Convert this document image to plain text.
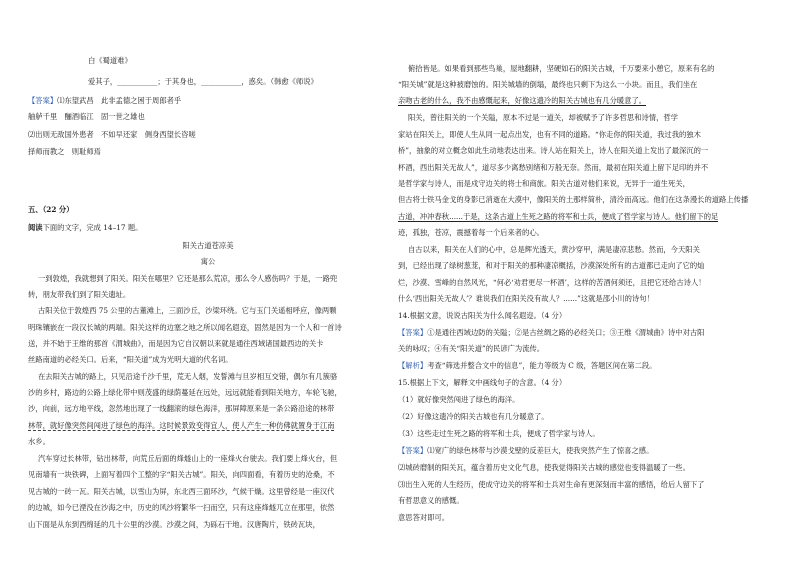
白《蜀道难》
爱其子，___________；于其身也，___________，惑矣。（韩愈《师说》
【答案】⑴东望武昌　此非孟德之困于周郎者乎
舳舻千里　酾酒临江　固一世之雄也
⑵出则无敌国外患者　不如早还家　侧身西望长咨嗟
择师而教之　则耻师焉
五、（22 分）
阅读下面的文字，完成 14–17 题。
阳关古道苍凉美
寓公
一到敦煌，我就想到了阳关。阳关在哪里？它还是那么荒凉，那么令人感伤吗？于是，一路兜
转，朋友带我们到了阳关遗址。
古阳关位于敦煌西 75 公里的古董滩上，三面沙丘，沙梁环绕。它与玉门关遥相呼应，像两颗
明珠镶嵌在一段汉长城的两端。阳关这样的边塞之地之所以闻名遐迩，固然是因为一个人和一首诗
送，并不始于王维的那首《渭城曲》，而是因为它自汉朝以来就是通往西域诸国最西边的关卡
丝路南道的必经关口。后来，“阳关道”成为光明大道的代名词。
在去阳关古城的路上，只见沿途千沙千里，荒无人烟，发誓滩与旦岁相互交错，偶尔有几簇骆
沙的乡村，路边的公路上绿化带中则茂盛的绿荫蔓延在远处，远远就能看到阳关地方，车轮飞驰，
沙，向前，远方地平线，忽然地出现了一线翻滚的绿色海洋，那屏障原来是一条公路沿途的林带
林带，就好像突然间闯进了绿色的海洋。这时候景致变得宜人，使人产生一种仿佛就置身于江南
水乡。
汽车穿过长林带，钻出林带，向荒丘后面的烽燧山上的一座烽火台驶去。我们要上烽火台，但
见南墙有一块铁碑，上面写着四个工整的字“阳关古城”。阳关，向四面看，有着历史的沧桑，不
见古城的一砖一瓦。阳关古城，以雪山为屏，东北西三面环沙，气候干燥。这里曾经是一座汉代
的边城，如今已湮没在沙海之中，历史的风沙将繁华一扫而空，只有这座烽燧兀立在那里，依然
山下面是从东到西绵延的几十公里的沙漠。沙漠之间，为砾石干地。汉唐陶片，铁砖瓦块，
俯拾皆是。如果看到那些鸟巢，屋地翻耕，坚硬如石的阳关古城，千万要来小憩它，原来有名的
“阳关城”就是这种被磨蚀的。阳关城墙的倒塌，最终也只剩下为这么一小块。而且，我们坐在
亲吻古老的什么，我不由感慨起来，好像这遗冷的阳关古城也有几分暖意了。
阳关，曾往阳关的一个关隘，原本不过是一道关，却被赋予了许多哲思和诗情，哲学
家站在阳关上，即使人生从同一起点出发，也有不同的道路。“你走你的阳关道，我过我的独木
桥”，抽象的对立概念如此生动地表达出来。诗人站在阳关上，诗人在阳关道上发出了最深沉的一
杯酒，西出阳关无故人”，道尽多少离愁别绪和万般无奈。然而，最初在阳关道上留下足印的并不
是哲学家与诗人，而是戍守边关的将士和商旅。阳关古道对他们来说，无异于一道生死关，
但古将士铁马金戈的身影已消逝在大漠中，像阳关的土那样简朴，清泠而高远。他们在这条漫长的道路上传播
古道，冲冲春秋......于是，这条古道上生死之路的将军和士兵，便成了哲学家与诗人。他们留下的足
迹，孤独，苍凉，震撼着每一个后来者的心。
自古以来，阳关在人们的心中，总是辉光透天，黄沙穿甲，满是凄凉悲愁。然而，今天阳关
到，已经出现了绿树葱茏，和对于阳关的那种凄凉概括，沙漠深处所有的古道都已走向了它的灿
烂，沙漠、雪峰的自然风光，“何必‘劝君更尽一杯酒’，这样的苦酒何须还，且把它还给古诗人！
什么‘西出阳关无故人’？谁说我们在阳关没有故人？......”这就是邵小川的诗句！
14.根据文意，说说古阳关为什么闻名遐迩。（4 分）
【答案】①是通往西域边防的关隘；②是古丝绸之路的必经关口；③王维《渭城曲》诗中对古阳
关的咏叹；④有关“阳关道”的民谚广为流传。
【解析】考查“筛选并整合文中的信息”，能力等级为 C 级，答题区间在第二段。
15.根据上下文，解释文中画线句子的含意。（4 分）
（1）就好像突然闯进了绿色的海洋。
（2）好像这遗冷的阳关古城也有几分暖意了。
（3）这些走过生死之路的将军和士兵，便成了哲学家与诗人。
【答案】⑴宽广的绿色林带与沙漠戈壁的反差巨大，使我突然产生了惊喜之感。
⑵城砖磨制的阳关瓦，蕴含着历史文化气息，使我觉得阳关古城的感觉也变得温暖了一些。
⑶出生入死的人生经历，使成守边关的将军和士兵对生命有更深刻而丰富的感悟，给后人留下了
有哲思意义的感慨。
意思答对即可。
